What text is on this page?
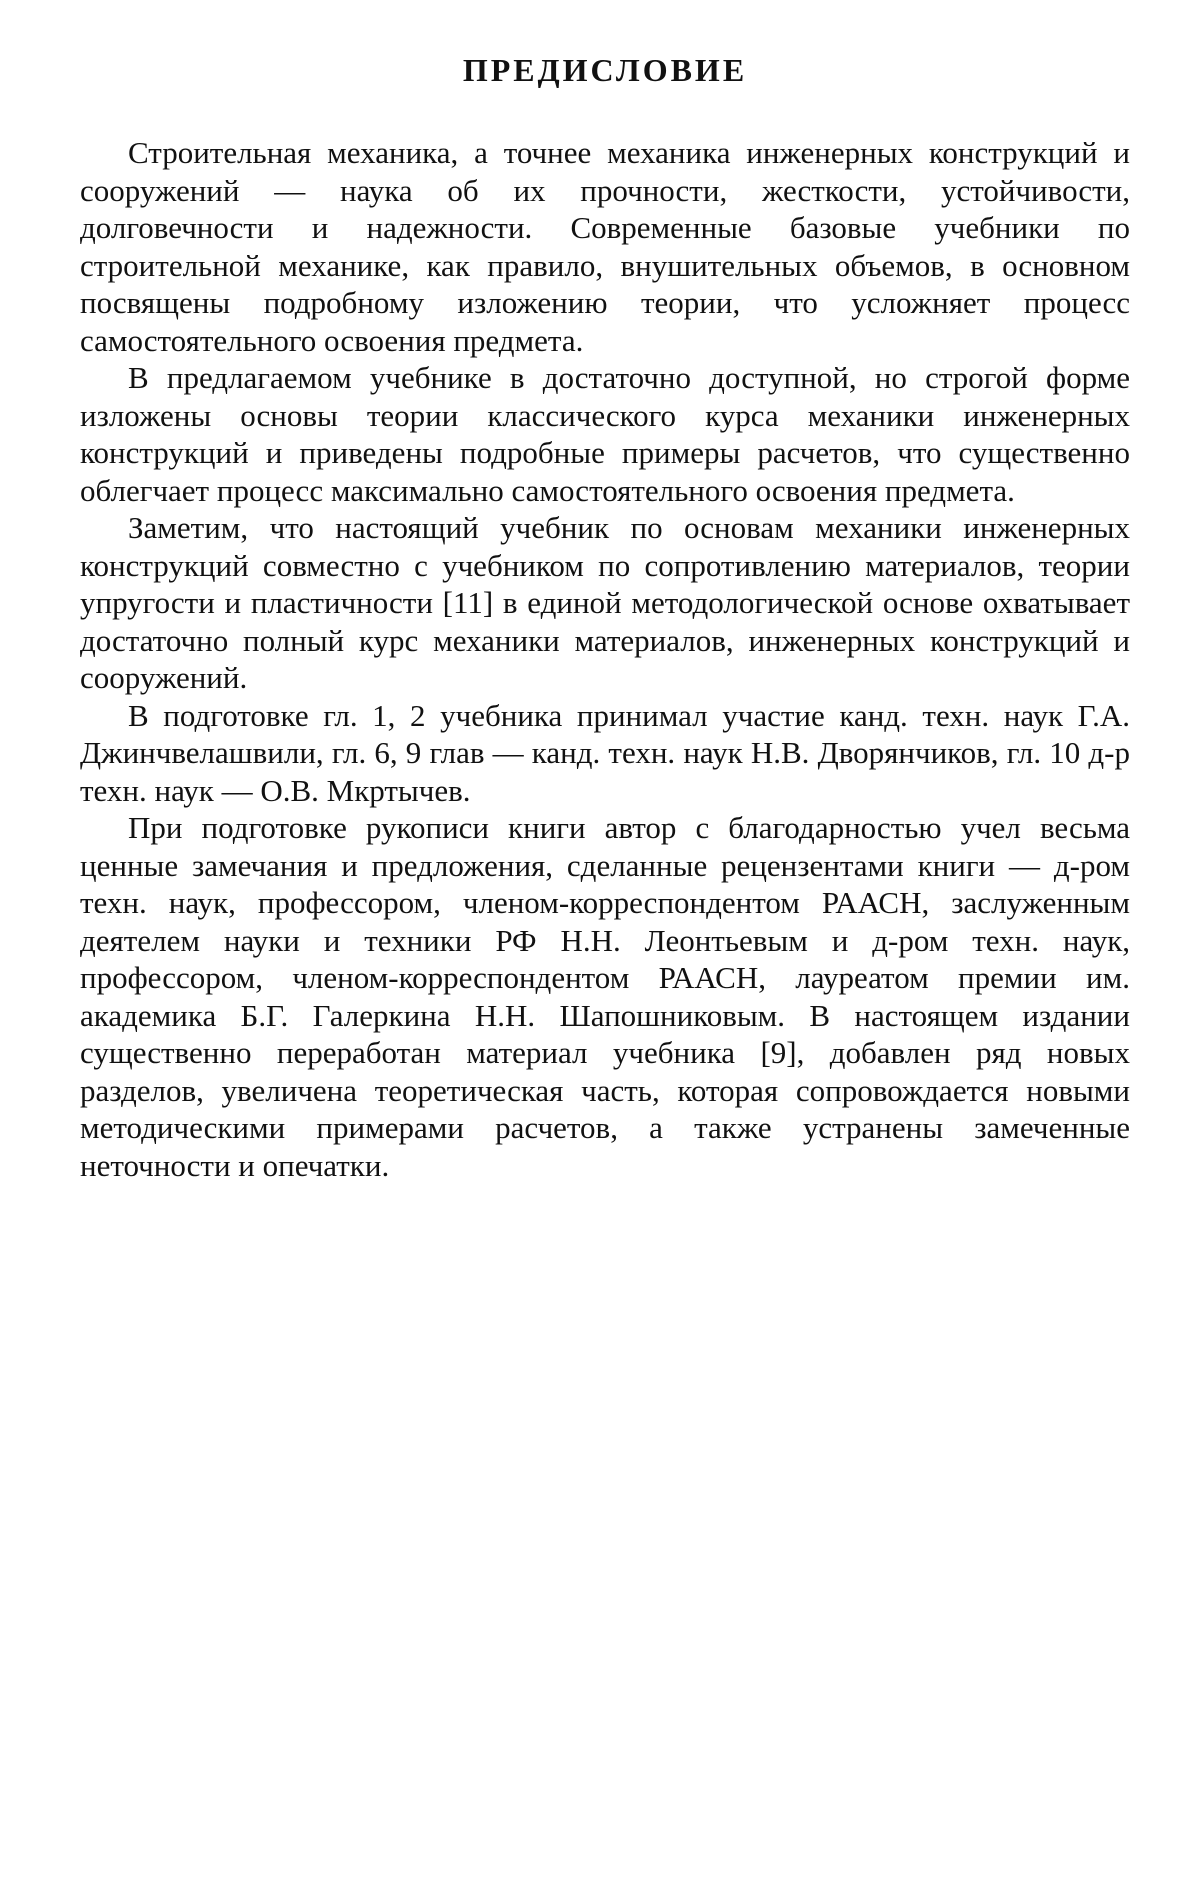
ПРЕДИСЛОВИЕ

Строительная механика, а точнее механика инженерных конструкций и сооружений — наука об их прочности, жесткости, устойчивости, долговечности и надежности. Современные базовые учебники по строительной механике, как правило, внушительных объемов, в основном посвящены подробному изложению теории, что усложняет процесс самостоятельного освоения предмета.

В предлагаемом учебнике в достаточно доступной, но строгой форме изложены основы теории классического курса механики инженерных конструкций и приведены подробные примеры расчетов, что существенно облегчает процесс максимально самостоятельного освоения предмета.

Заметим, что настоящий учебник по основам механики инженерных конструкций совместно с учебником по сопротивлению материалов, теории упругости и пластичности [11] в единой методологической основе охватывает достаточно полный курс механики материалов, инженерных конструкций и сооружений.

В подготовке гл. 1, 2 учебника принимал участие канд. техн. наук Г.А. Джинчвелашвили, гл. 6, 9 глав — канд. техн. наук Н.В. Дворянчиков, гл. 10 д-р техн. наук — О.В. Мкртычев.

При подготовке рукописи книги автор с благодарностью учел весьма ценные замечания и предложения, сделанные рецензентами книги — д-ром техн. наук, профессором, членом-корреспондентом РААСН, заслуженным деятелем науки и техники РФ Н.Н. Леонтьевым и д-ром техн. наук, профессором, членом-корреспондентом РААСН, лауреатом премии им. академика Б.Г. Галеркина Н.Н. Шапошниковым. В настоящем издании существенно переработан материал учебника [9], добавлен ряд новых разделов, увеличена теоретическая часть, которая сопровождается новыми методическими примерами расчетов, а также устранены замеченные неточности и опечатки.
